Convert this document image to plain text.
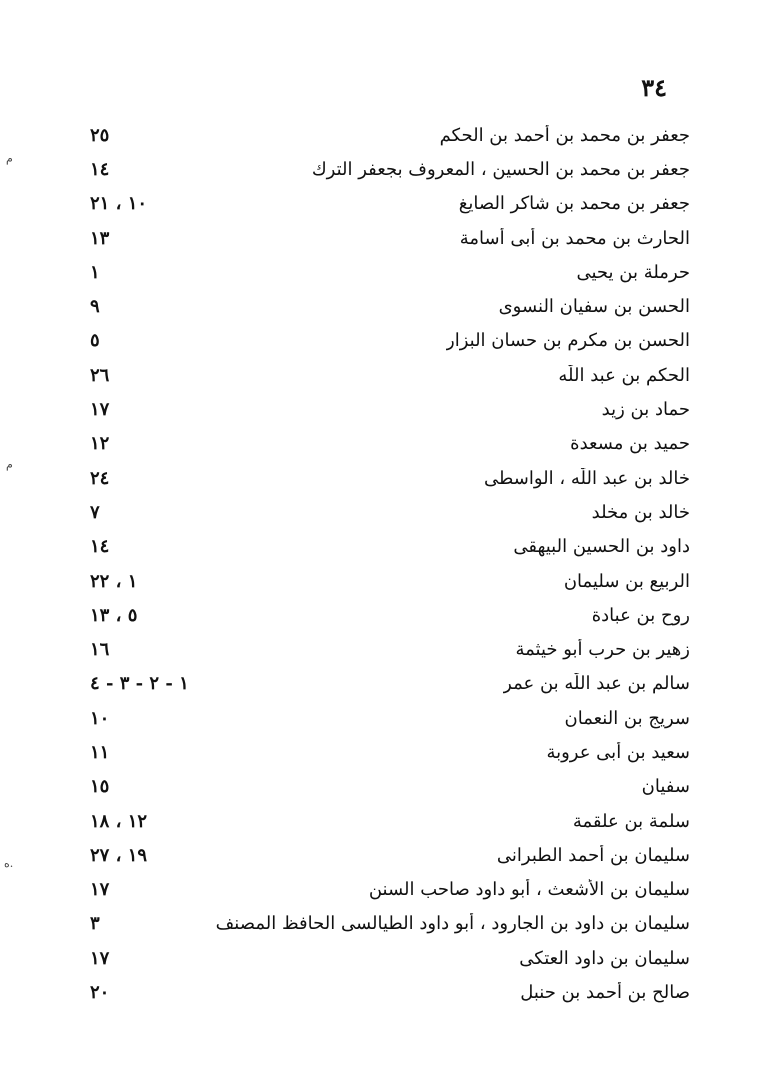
٣٤
جعفر بن محمد بن أحمد بن الحكم
٢٥
جعفر بن محمد بن الحسين ، المعروف بجعفر الترك
١٤
جعفر بن محمد بن شاكر الصايغ
١٠ ، ٢١
الحارث بن محمد بن أبى أسامة
١٣
حرملة بن يحيى
١
الحسن بن سفيان النسوى
٩
الحسن بن مكرم بن حسان البزار
٥
الحكم بن عبد اللّٰه
٢٦
حماد بن زيد
١٧
حميد بن مسعدة
١٢
خالد بن عبد اللّٰه ، الواسطى
٢٤
خالد بن مخلد
٧
داود بن الحسين البيهقى
١٤
الربيع بن سليمان
١ ، ٢٢
روح بن عبادة
٥ ، ١٣
زهير بن حرب أبو خيثمة
١٦
سالم بن عبد اللّٰه بن عمر
١ - ٢ - ٣ - ٤
سريج بن النعمان
١٠
سعيد بن أبى عروبة
١١
سفيان
١٥
سلمة بن علقمة
١٢ ، ١٨
سليمان بن أحمد الطبرانى
١٩ ، ٢٧
سليمان بن الأشعث ، أبو داود صاحب السنن
١٧
سليمان بن داود بن الجارود ، أبو داود الطيالسى الحافظ المصنف
٣
سليمان بن داود العتكى
١٧
صالح بن أحمد بن حنبل
٢٠
م
م
ه.
